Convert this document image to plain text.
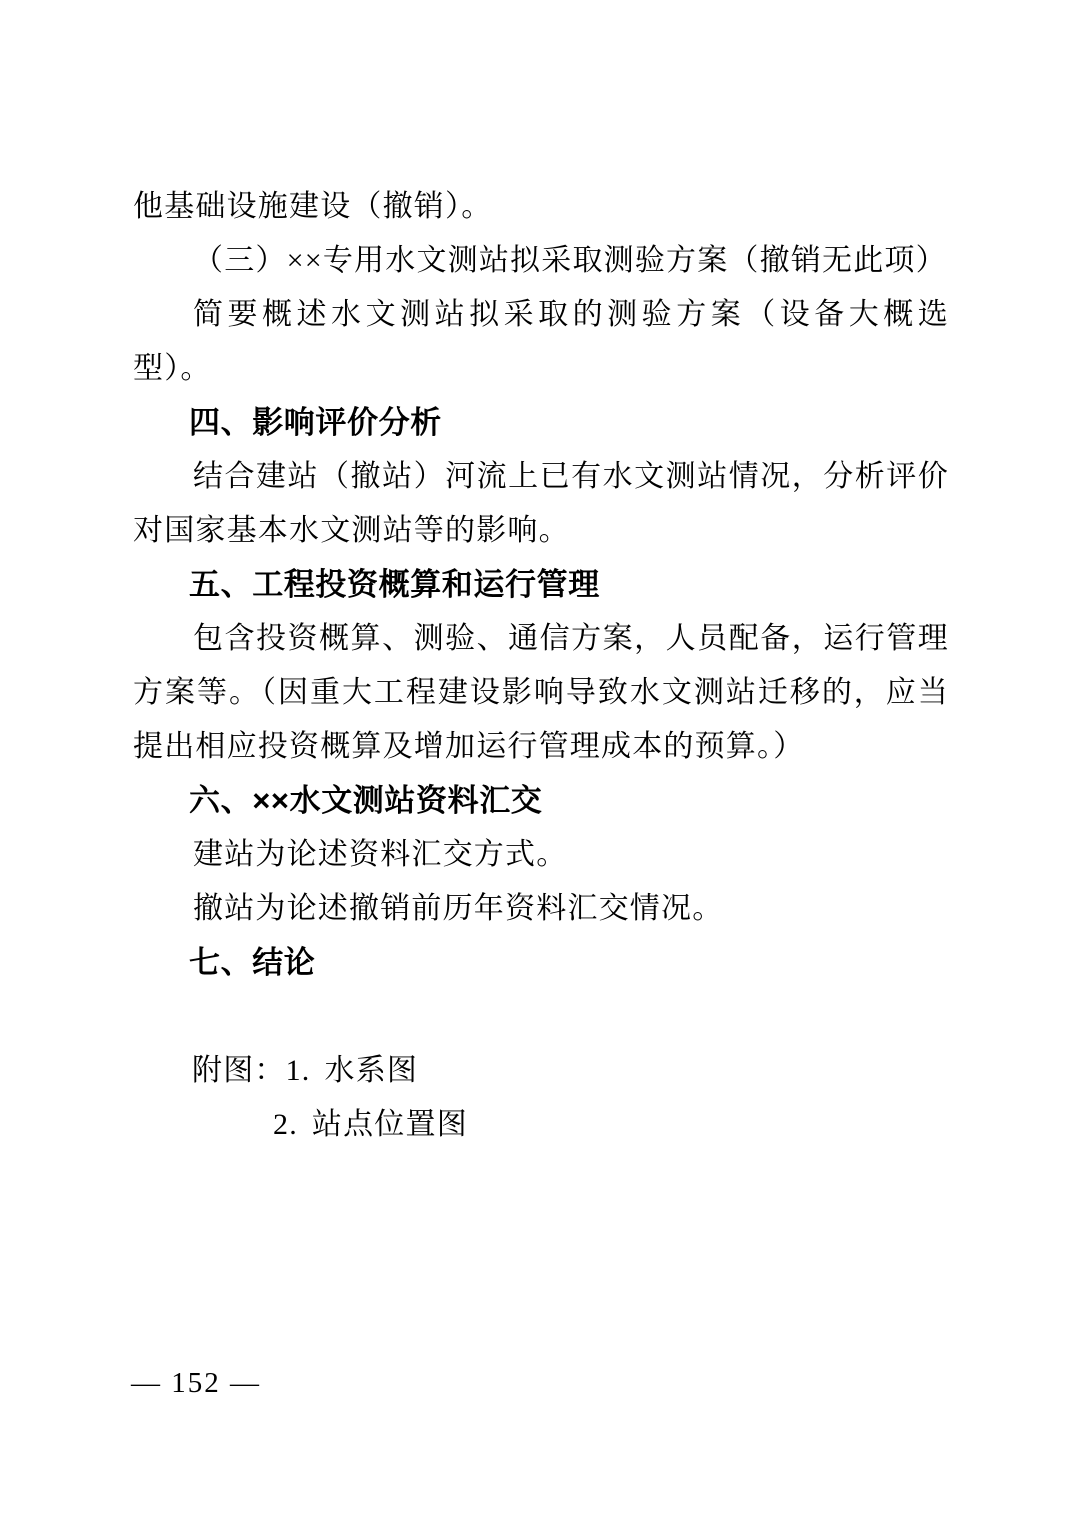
他基础设施建设（撤销）。

（三）××专用水文测站拟采取测验方案（撤销无此项）

简要概述水文测站拟采取的测验方案（设备大概选型）。

四、影响评价分析

结合建站（撤站）河流上已有水文测站情况，分析评价对国家基本水文测站等的影响。

五、工程投资概算和运行管理

包含投资概算、测验、通信方案，人员配备，运行管理方案等。（因重大工程建设影响导致水文测站迁移的，应当提出相应投资概算及增加运行管理成本的预算。）

六、××水文测站资料汇交

建站为论述资料汇交方式。

撤站为论述撤销前历年资料汇交情况。

七、结论

附图：1. 水系图

2. 站点位置图

— 152 —
